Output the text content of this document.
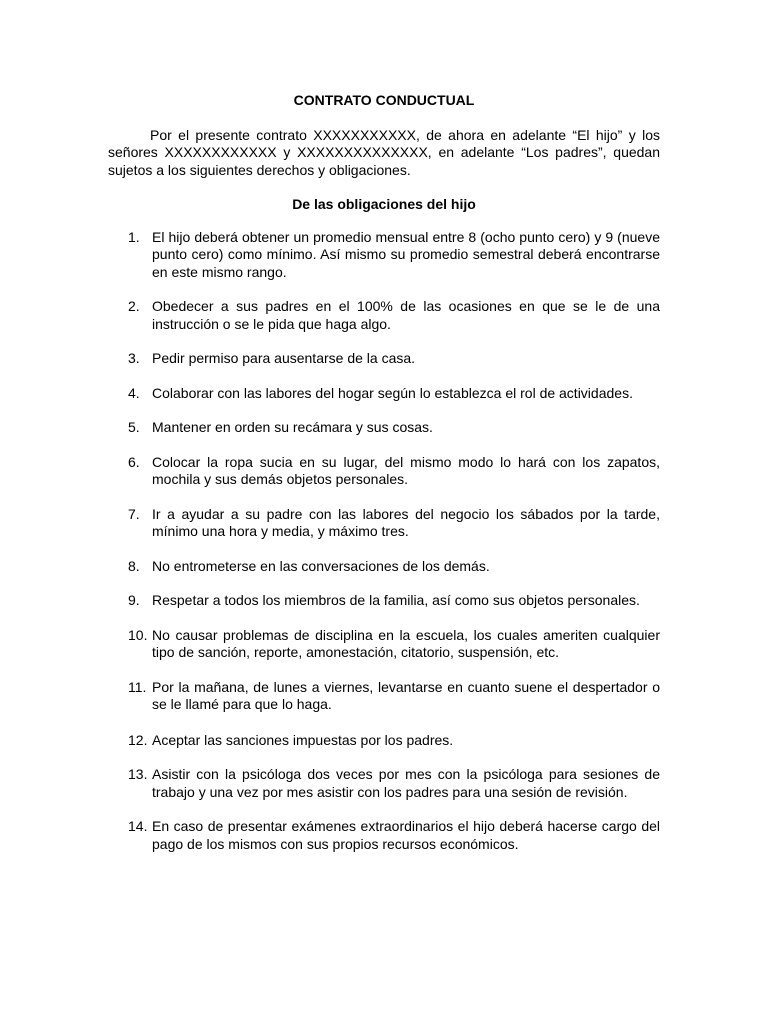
CONTRATO CONDUCTUAL
Por el presente contrato XXXXXXXXXXX, de ahora en adelante “El hijo” y los señores XXXXXXXXXXXX y XXXXXXXXXXXXXX, en adelante “Los padres”, quedan sujetos a los siguientes derechos y obligaciones.
De las obligaciones del hijo
1. El hijo deberá obtener un promedio mensual entre 8 (ocho punto cero) y 9 (nueve punto cero) como mínimo. Así mismo su promedio semestral deberá encontrarse en este mismo rango.
2. Obedecer a sus padres en el 100% de las ocasiones en que se le de una instrucción o se le pida que haga algo.
3. Pedir permiso para ausentarse de la casa.
4. Colaborar con las labores del hogar según lo establezca el rol de actividades.
5. Mantener en orden su recámara y sus cosas.
6. Colocar la ropa sucia en su lugar, del mismo modo lo hará con los zapatos, mochila y sus demás objetos personales.
7. Ir a ayudar a su padre con las labores del negocio los sábados por la tarde, mínimo una hora y media, y máximo tres.
8. No entrometerse en las conversaciones de los demás.
9. Respetar a todos los miembros de la familia, así como sus objetos personales.
10. No causar problemas de disciplina en la escuela, los cuales ameriten cualquier tipo de sanción, reporte, amonestación, citatorio, suspensión, etc.
11. Por la mañana, de lunes a viernes, levantarse en cuanto suene el despertador o se le llamé para que lo haga.
12. Aceptar las sanciones impuestas por los padres.
13. Asistir con la psicóloga dos veces por mes con la psicóloga para sesiones de trabajo y una vez por mes asistir con los padres para una sesión de revisión.
14. En caso de presentar exámenes extraordinarios el hijo deberá hacerse cargo del pago de los mismos con sus propios recursos económicos.
